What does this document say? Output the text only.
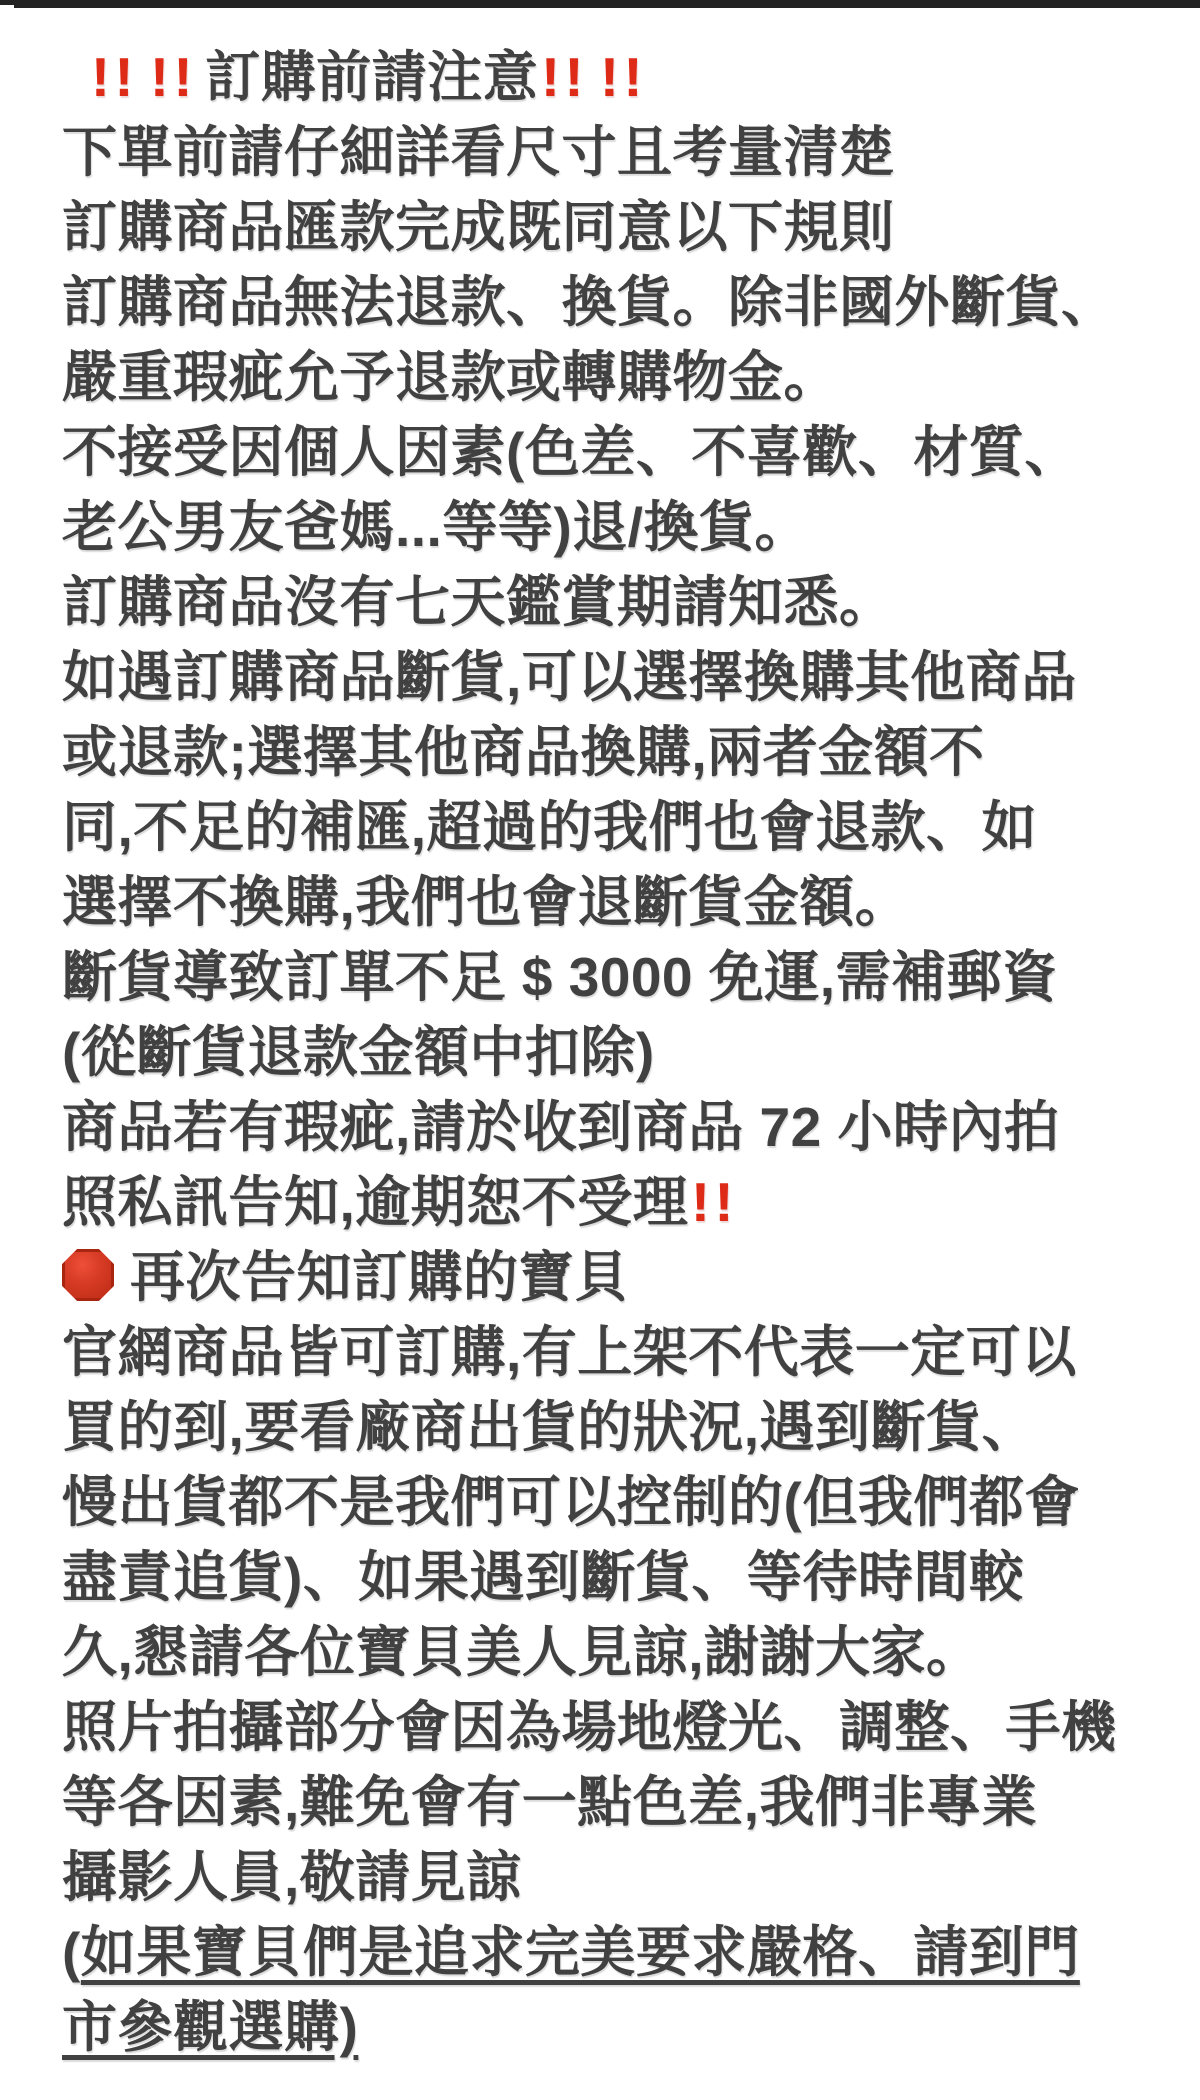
!! !! 訂購前請注意!! !!
下單前請仔細詳看尺寸且考量清楚
訂購商品匯款完成既同意以下規則
訂購商品無法退款、換貨。除非國外斷貨、
嚴重瑕疵允予退款或轉購物金。
不接受因個人因素(色差、不喜歡、材質、
老公男友爸媽...等等)退/換貨。
訂購商品沒有七天鑑賞期請知悉。
如遇訂購商品斷貨,可以選擇換購其他商品
或退款;選擇其他商品換購,兩者金額不
同,不足的補匯,超過的我們也會退款、如
選擇不換購,我們也會退斷貨金額。
斷貨導致訂單不足 $ 3000 免運,需補郵資
(從斷貨退款金額中扣除)
商品若有瑕疵,請於收到商品 72 小時內拍
照私訊告知,逾期恕不受理!!
再次告知訂購的寶貝
官網商品皆可訂購,有上架不代表一定可以
買的到,要看廠商出貨的狀況,遇到斷貨、
慢出貨都不是我們可以控制的(但我們都會
盡責追貨)、如果遇到斷貨、等待時間較
久,懇請各位寶貝美人見諒,謝謝大家。
照片拍攝部分會因為場地燈光、調整、手機
等各因素,難免會有一點色差,我們非專業
攝影人員,敬請見諒
(如果寶貝們是追求完美要求嚴格、請到門
市參觀選購)
